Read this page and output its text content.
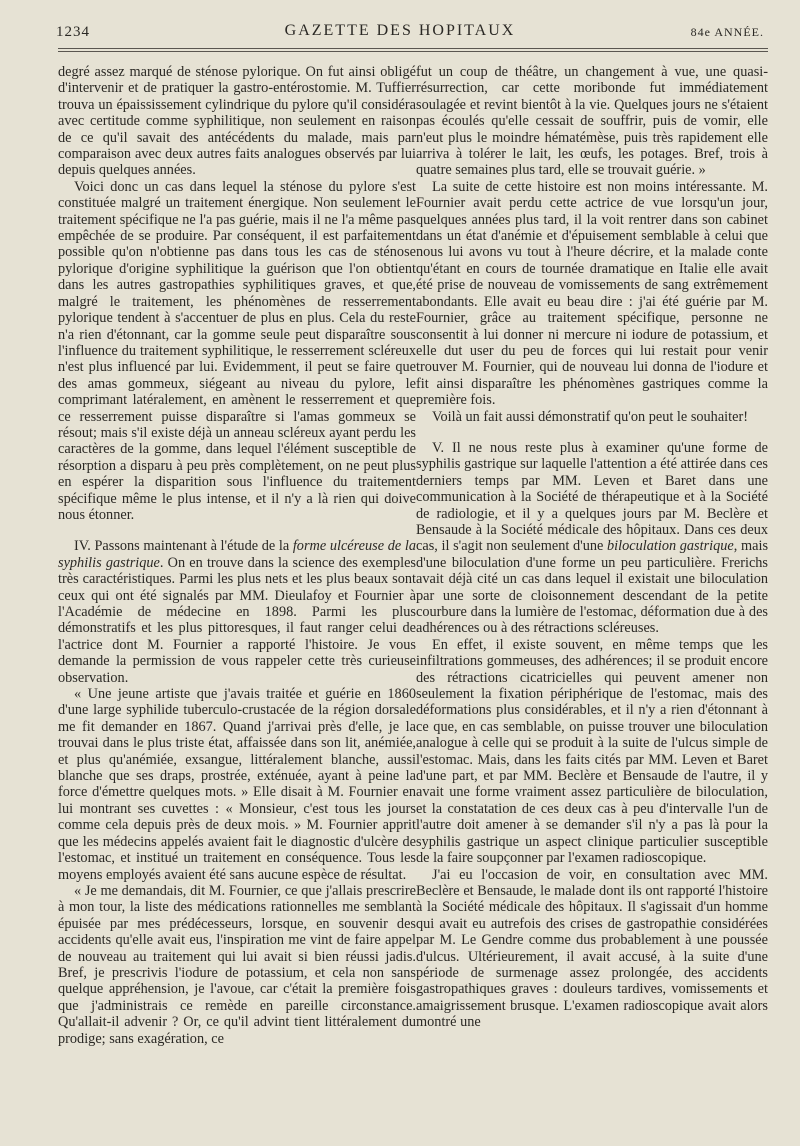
1234	GAZETTE DES HOPITAUX	84e ANNÉE.

degré assez marqué de sténose pylorique. On fut ainsi obligé d'intervenir et de pratiquer la gastro-entérostomie. M. Tuffier trouva un épaississement cylindrique du pylore qu'il considéra avec certitude comme syphilitique, non seulement en raison de ce qu'il savait des antécédents du malade, mais par comparaison avec deux autres faits analogues observés par lui depuis quelques années.

Voici donc un cas dans lequel la sténose du pylore s'est constituée malgré un traitement énergique. Non seulement le traitement spécifique ne l'a pas guérie, mais il ne l'a même pas empêchée de se produire. Par conséquent, il est parfaitement possible qu'on n'obtienne pas dans tous les cas de sténose pylorique d'origine syphilitique la guérison que l'on obtient dans les autres gastropathies syphilitiques graves, et que, malgré le traitement, les phénomènes de resserrement pylorique tendent à s'accentuer de plus en plus. Cela du reste n'a rien d'étonnant, car la gomme seule peut disparaître sous l'influence du traitement syphilitique, le resserrement scléreux n'est plus influencé par lui. Evidemment, il peut se faire que des amas gommeux, siégeant au niveau du pylore, le comprimant latéralement, en amènent le resserrement et que ce resserrement puisse disparaître si l'amas gommeux se résout; mais s'il existe déjà un anneau scléreux ayant perdu les caractères de la gomme, dans lequel l'élément susceptible de résorption a disparu à peu près complètement, on ne peut plus en espérer la disparition sous l'influence du traitement spécifique même le plus intense, et il n'y a là rien qui doive nous étonner.

IV. Passons maintenant à l'étude de la forme ulcéreuse de la syphilis gastrique. On en trouve dans la science des exemples très caractéristiques. Parmi les plus nets et les plus beaux sont ceux qui ont été signalés par MM. Dieulafoy et Fournier à l'Académie de médecine en 1898. Parmi les plus démonstratifs et les plus pittoresques, il faut ranger celui de l'actrice dont M. Fournier a rapporté l'histoire. Je vous demande la permission de vous rappeler cette très curieuse observation.

« Une jeune artiste que j'avais traitée et guérie en 1860 d'une large syphilide tuberculo-crustacée de la région dorsale me fit demander en 1867. Quand j'arrivai près d'elle, je la trouvai dans le plus triste état, affaissée dans son lit, anémiée, et plus qu'anémiée, exsangue, littéralement blanche, aussi blanche que ses draps, prostrée, exténuée, ayant à peine la force d'émettre quelques mots. » Elle disait à M. Fournier en lui montrant ses cuvettes : « Monsieur, c'est tous les jours comme cela depuis près de deux mois. » M. Fournier apprit que les médecins appelés avaient fait le diagnostic d'ulcère de l'estomac, et institué un traitement en conséquence. Tous les moyens employés avaient été sans aucune espèce de résultat.

« Je me demandais, dit M. Fournier, ce que j'allais prescrire à mon tour, la liste des médications rationnelles me semblant épuisée par mes prédécesseurs, lorsque, en souvenir des accidents qu'elle avait eus, l'inspiration me vint de faire appel de nouveau au traitement qui lui avait si bien réussi jadis. Bref, je prescrivis l'iodure de potassium, et cela non sans quelque appréhension, je l'avoue, car c'était la première fois que j'administrais ce remède en pareille circonstance. Qu'allait-il advenir ? Or, ce qu'il advint tient littéralement du prodige; sans exagération, ce

fut un coup de théâtre, un changement à vue, une quasi-résurrection, car cette moribonde fut immédiatement soulagée et revint bientôt à la vie. Quelques jours ne s'étaient pas écoulés qu'elle cessait de souffrir, puis de vomir, elle n'eut plus le moindre hématémèse, puis très rapidement elle arriva à tolérer le lait, les œufs, les potages. Bref, trois à quatre semaines plus tard, elle se trouvait guérie. »

La suite de cette histoire est non moins intéressante. M. Fournier avait perdu cette actrice de vue lorsqu'un jour, quelques années plus tard, il la voit rentrer dans son cabinet dans un état d'anémie et d'épuisement semblable à celui que nous lui avons vu tout à l'heure décrire, et la malade conte qu'étant en cours de tournée dramatique en Italie elle avait été prise de nouveau de vomissements de sang extrêmement abondants. Elle avait eu beau dire : j'ai été guérie par M. Fournier, grâce au traitement spécifique, personne ne consentit à lui donner ni mercure ni iodure de potassium, et elle dut user du peu de forces qui lui restait pour venir trouver M. Fournier, qui de nouveau lui donna de l'iodure et fit ainsi disparaître les phénomènes gastriques comme la première fois.

Voilà un fait aussi démonstratif qu'on peut le souhaiter!

V. Il ne nous reste plus à examiner qu'une forme de syphilis gastrique sur laquelle l'attention a été attirée dans ces derniers temps par MM. Leven et Baret dans une communication à la Société de thérapeutique et à la Société de radiologie, et il y a quelques jours par M. Beclère et Bensaude à la Société médicale des hôpitaux. Dans ces deux cas, il s'agit non seulement d'une biloculation gastrique, mais d'une biloculation d'une forme un peu particulière. Frerichs avait déjà cité un cas dans lequel il existait une biloculation par une sorte de cloisonnement descendant de la petite courbure dans la lumière de l'estomac, déformation due à des adhérences ou à des rétractions scléreuses.

En effet, il existe souvent, en même temps que les infiltrations gommeuses, des adhérences; il se produit encore des rétractions cicatricielles qui peuvent amener non seulement la fixation périphérique de l'estomac, mais des déformations plus considérables, et il n'y a rien d'étonnant à ce que, en cas semblable, on puisse trouver une biloculation analogue à celle qui se produit à la suite de l'ulcus simple de l'estomac. Mais, dans les faits cités par MM. Leven et Baret d'une part, et par MM. Beclère et Bensaude de l'autre, il y avait une forme vraiment assez particulière de biloculation, et la constatation de ces deux cas à peu d'intervalle l'un de l'autre doit amener à se demander s'il n'y a pas là pour la syphilis gastrique un aspect clinique particulier susceptible de la faire soupçonner par l'examen radioscopique.

J'ai eu l'occasion de voir, en consultation avec MM. Beclère et Bensaude, le malade dont ils ont rapporté l'histoire à la Société médicale des hôpitaux. Il s'agissait d'un homme qui avait eu autrefois des crises de gastropathie considérées par M. Le Gendre comme dus probablement à une poussée d'ulcus. Ultérieurement, il avait accusé, à la suite d'une période de surmenage assez prolongée, des accidents gastropathiques graves : douleurs tardives, vomissements et amaigrissement brusque. L'examen radioscopique avait alors montré une
